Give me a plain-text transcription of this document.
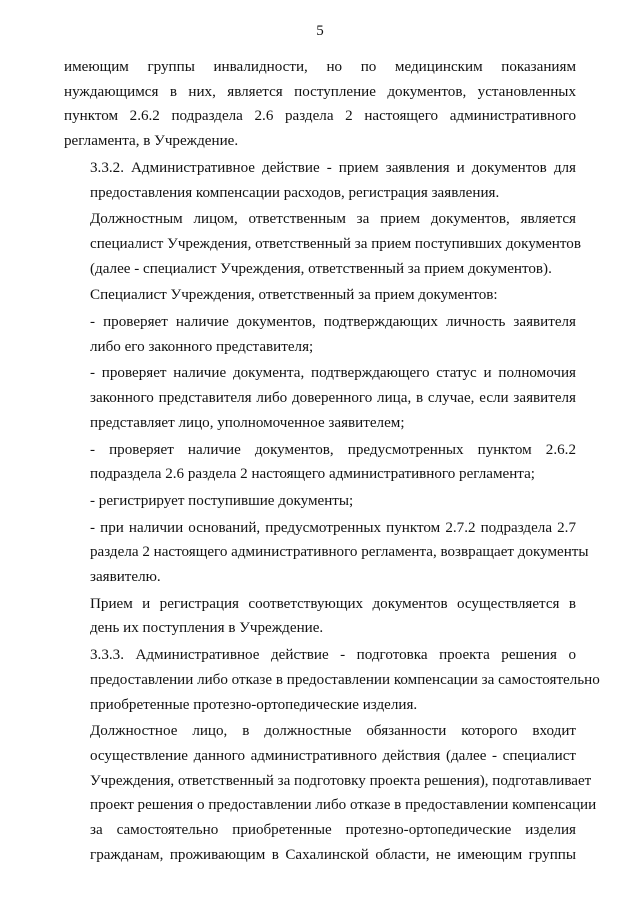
5

имеющим группы инвалидности, но по медицинским показаниям
нуждающимся в них, является поступление документов, установленных
пунктом 2.6.2 подраздела 2.6 раздела 2 настоящего административного
регламента, в Учреждение.

3.3.2. Административное действие - прием заявления и документов для
предоставления компенсации расходов, регистрация заявления.

Должностным лицом, ответственным за прием документов, является
специалист Учреждения, ответственный за прием поступивших документов
(далее - специалист Учреждения, ответственный за прием документов).

Специалист Учреждения, ответственный за прием документов:

- проверяет наличие документов, подтверждающих личность заявителя
либо его законного представителя;

- проверяет наличие документа, подтверждающего статус и полномочия
законного представителя либо доверенного лица, в случае, если заявителя
представляет лицо, уполномоченное заявителем;

- проверяет наличие документов, предусмотренных пунктом 2.6.2
подраздела 2.6 раздела 2 настоящего административного регламента;

- регистрирует поступившие документы;

- при наличии оснований, предусмотренных пунктом 2.7.2 подраздела 2.7
раздела 2 настоящего административного регламента, возвращает документы
заявителю.

Прием и регистрация соответствующих документов осуществляется в
день их поступления в Учреждение.

3.3.3. Административное действие - подготовка проекта решения о
предоставлении либо отказе в предоставлении компенсации за самостоятельно
приобретенные протезно-ортопедические изделия.

Должностное лицо, в должностные обязанности которого входит
осуществление данного административного действия (далее - специалист
Учреждения, ответственный за подготовку проекта решения), подготавливает
проект решения о предоставлении либо отказе в предоставлении компенсации
за самостоятельно приобретенные протезно-ортопедические изделия
гражданам, проживающим в Сахалинской области, не имеющим группы
